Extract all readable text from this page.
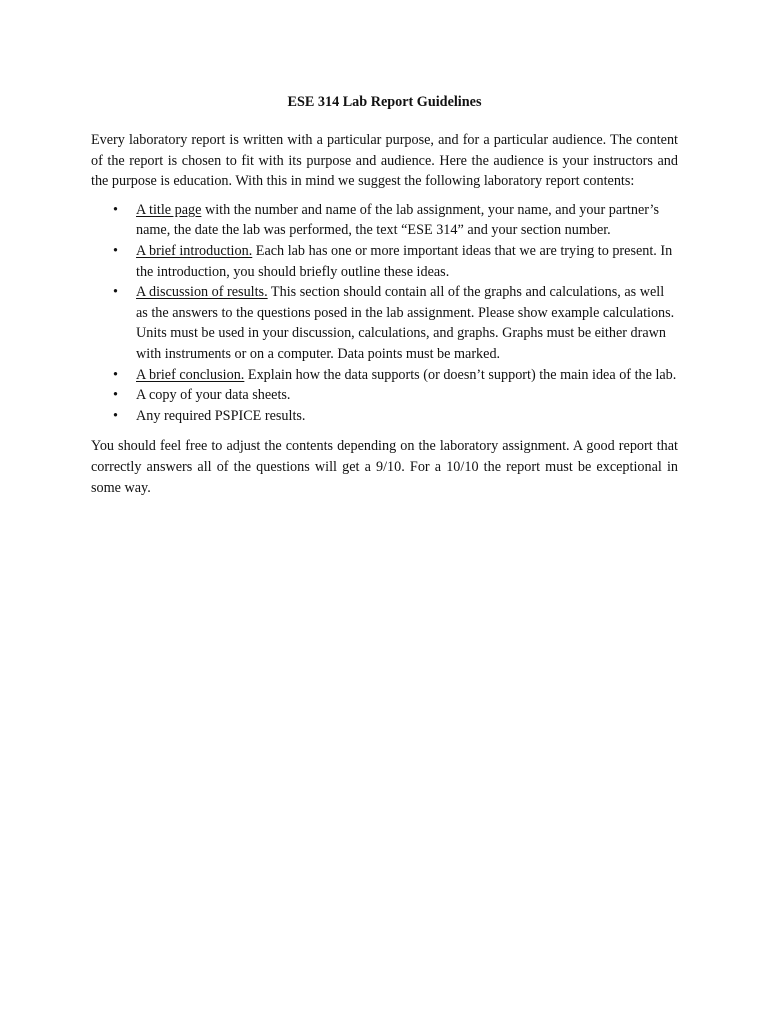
ESE 314 Lab Report Guidelines

Every laboratory report is written with a particular purpose, and for a particular audience. The content of the report is chosen to fit with its purpose and audience. Here the audience is your instructors and the purpose is education. With this in mind we suggest the following laboratory report contents:

• A title page with the number and name of the lab assignment, your name, and your partner’s name, the date the lab was performed, the text “ESE 314” and your section number.
• A brief introduction. Each lab has one or more important ideas that we are trying to present. In the introduction, you should briefly outline these ideas.
• A discussion of results. This section should contain all of the graphs and calculations, as well as the answers to the questions posed in the lab assignment. Please show example calculations. Units must be used in your discussion, calculations, and graphs. Graphs must be either drawn with instruments or on a computer. Data points must be marked.
• A brief conclusion. Explain how the data supports (or doesn’t support) the main idea of the lab.
• A copy of your data sheets.
• Any required PSPICE results.

You should feel free to adjust the contents depending on the laboratory assignment. A good report that correctly answers all of the questions will get a 9/10. For a 10/10 the report must be exceptional in some way.
